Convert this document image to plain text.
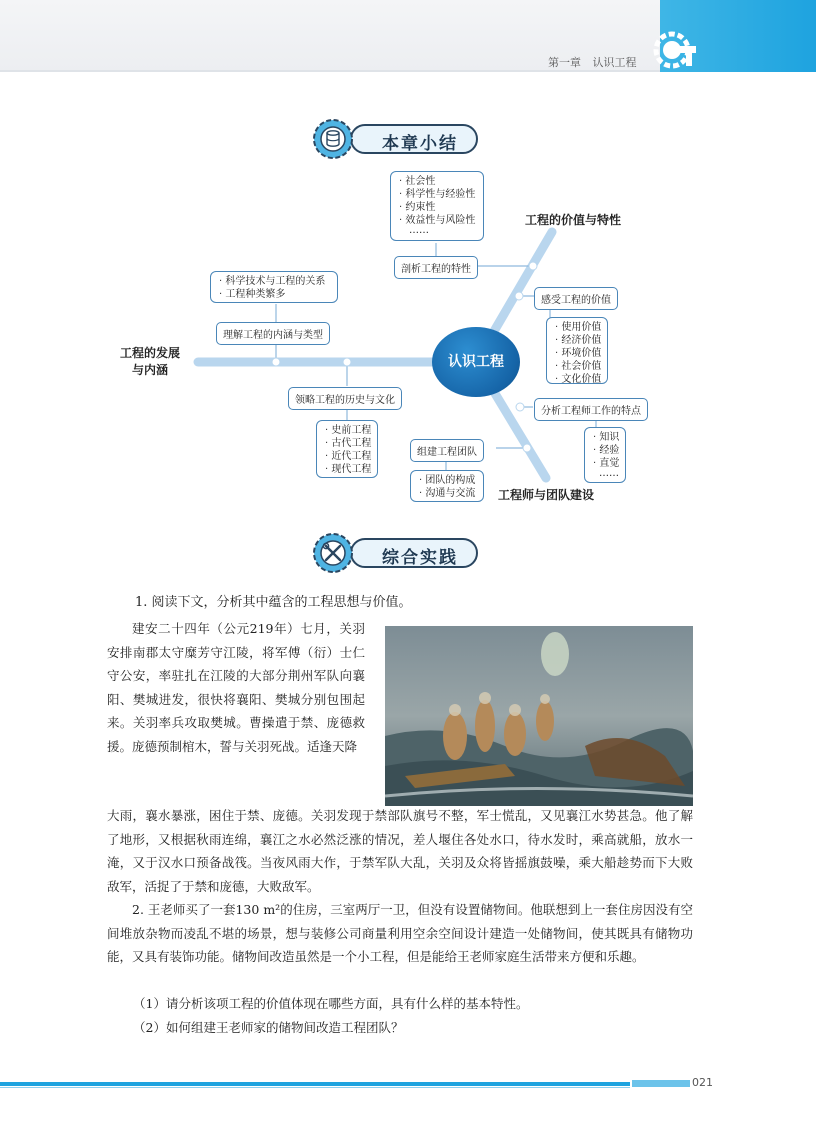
第一章 认识工程
本章小结
认识工程
工程的价值与特性
工程的发展
与内涵
工程师与团队建设
· 社会性
· 科学性与经验性
· 约束性
· 效益性与风险性
……
剖析工程的特性
感受工程的价值
· 使用价值
· 经济价值
· 环境价值
· 社会价值
· 文化价值
· 科学技术与工程的关系
· 工程种类繁多
理解工程的内涵与类型
领略工程的历史与文化
· 史前工程
· 古代工程
· 近代工程
· 现代工程
分析工程师工作的特点
· 知识
· 经验
· 直觉
……
组建工程团队
· 团队的构成
· 沟通与交流
综合实践
1. 阅读下文，分析其中蕴含的工程思想与价值。
建安二十四年（公元219年）七月，关羽安排南郡太守糜芳守江陵，将军傅（衍）士仁守公安，率驻扎在江陵的大部分荆州军队向襄阳、樊城进发，很快将襄阳、樊城分别包围起来。关羽率兵攻取樊城。曹操遣于禁、庞德救援。庞德预制棺木，誓与关羽死战。适逢天降
大雨，襄水暴涨，困住于禁、庞德。关羽发现于禁部队旗号不整，军士慌乱，又见襄江水势甚急。他了解了地形，又根据秋雨连绵，襄江之水必然泛涨的情况，差人堰住各处水口，待水发时，乘高就船，放水一淹，又于汉水口预备战筏。当夜风雨大作，于禁军队大乱，关羽及众将皆摇旗鼓噪，乘大船趁势而下大败敌军，活捉了于禁和庞德，大败敌军。
2. 王老师买了一套130 m²的住房，三室两厅一卫，但没有设置储物间。他联想到上一套住房因没有空间堆放杂物而凌乱不堪的场景，想与装修公司商量利用空余空间设计建造一处储物间，使其既具有储物功能，又具有装饰功能。储物间改造虽然是一个小工程，但是能给王老师家庭生活带来方便和乐趣。
（1）请分析该项工程的价值体现在哪些方面，具有什么样的基本特性。
（2）如何组建王老师家的储物间改造工程团队？
021
